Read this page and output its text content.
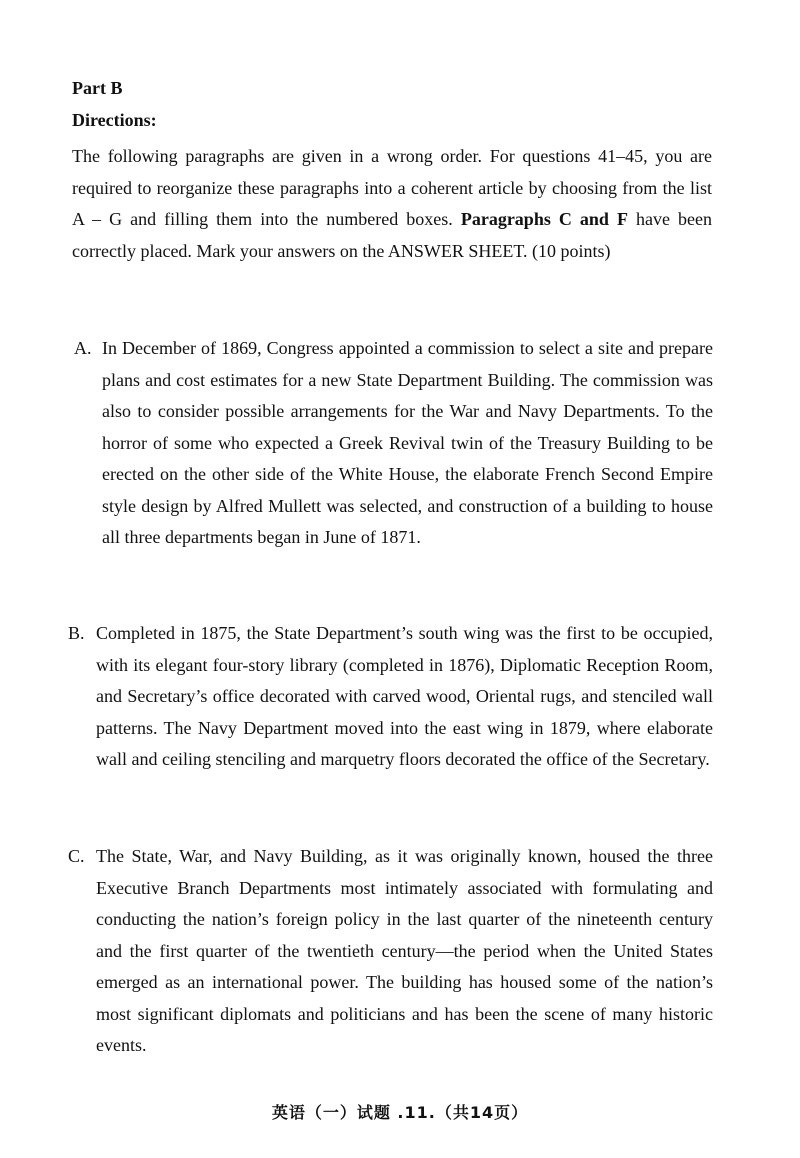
Part B
Directions:
The following paragraphs are given in a wrong order. For questions 41–45, you are required to reorganize these paragraphs into a coherent article by choosing from the list A – G and filling them into the numbered boxes. Paragraphs C and F have been correctly placed. Mark your answers on the ANSWER SHEET. (10 points)
A. In December of 1869, Congress appointed a commission to select a site and prepare plans and cost estimates for a new State Department Building. The commission was also to consider possible arrangements for the War and Navy Departments. To the horror of some who expected a Greek Revival twin of the Treasury Building to be erected on the other side of the White House, the elaborate French Second Empire style design by Alfred Mullett was selected, and construction of a building to house all three departments began in June of 1871.
B. Completed in 1875, the State Department’s south wing was the first to be occupied, with its elegant four-story library (completed in 1876), Diplomatic Reception Room, and Secretary’s office decorated with carved wood, Oriental rugs, and stenciled wall patterns. The Navy Department moved into the east wing in 1879, where elaborate wall and ceiling stenciling and marquetry floors decorated the office of the Secretary.
C. The State, War, and Navy Building, as it was originally known, housed the three Executive Branch Departments most intimately associated with formulating and conducting the nation’s foreign policy in the last quarter of the nineteenth century and the first quarter of the twentieth century—the period when the United States emerged as an international power. The building has housed some of the nation’s most significant diplomats and politicians and has been the scene of many historic events.
英语（一）试题 .11.（共14页）
